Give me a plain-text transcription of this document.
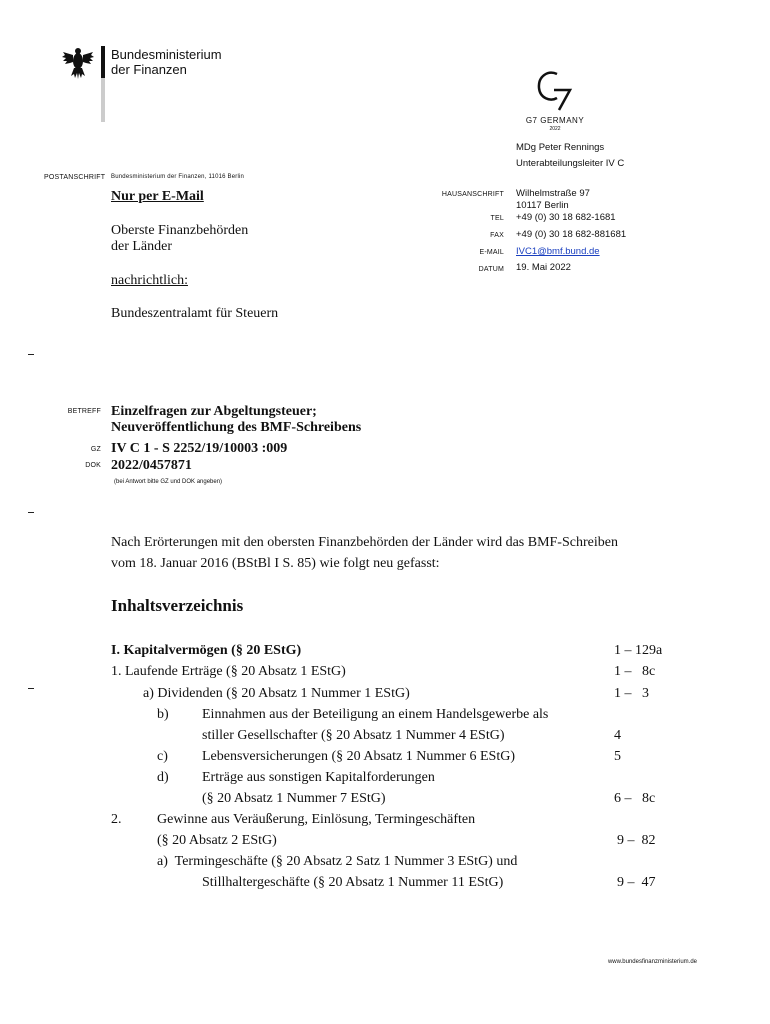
Bundesministerium
der Finanzen
G7 GERMANY
2022
MDg Peter Rennings
Unterabteilungsleiter IV C
POSTANSCHRIFT Bundesministerium der Finanzen, 11016 Berlin
Nur per E-Mail
Oberste Finanzbehörden
der Länder
nachrichtlich:
Bundeszentralamt für Steuern
HAUSANSCHRIFT Wilhelmstraße 97
10117 Berlin
TEL +49 (0) 30 18 682-1681
FAX +49 (0) 30 18 682-881681
E-MAIL IVC1@bmf.bund.de
DATUM 19. Mai 2022
BETREFF Einzelfragen zur Abgeltungsteuer;
Neuveröffentlichung des BMF-Schreibens
GZ IV C 1 - S 2252/19/10003 :009
DOK 2022/0457871
(bei Antwort bitte GZ und DOK angeben)
Nach Erörterungen mit den obersten Finanzbehörden der Länder wird das BMF-Schreiben
vom 18. Januar 2016 (BStBl I S. 85) wie folgt neu gefasst:
Inhaltsverzeichnis
I. Kapitalvermögen (§ 20 EStG)	1 – 129a
1. Laufende Erträge (§ 20 Absatz 1 EStG)	1 –   8c
a) Dividenden (§ 20 Absatz 1 Nummer 1 EStG)	1 –   3
b) Einnahmen aus der Beteiligung an einem Handelsgewerbe als
stiller Gesellschafter (§ 20 Absatz 1 Nummer 4 EStG)	4
c) Lebensversicherungen (§ 20 Absatz 1 Nummer 6 EStG)	5
d) Erträge aus sonstigen Kapitalforderungen
(§ 20 Absatz 1 Nummer 7 EStG)	6 –   8c
2.	Gewinne aus Veräußerung, Einlösung, Termingeschäften
(§ 20 Absatz 2 EStG)	9 –  82
a)  Termingeschäfte (§ 20 Absatz 2 Satz 1 Nummer 3 EStG) und
Stillhaltergeschäfte (§ 20 Absatz 1 Nummer 11 EStG)	9 –  47
www.bundesfinanzministerium.de
